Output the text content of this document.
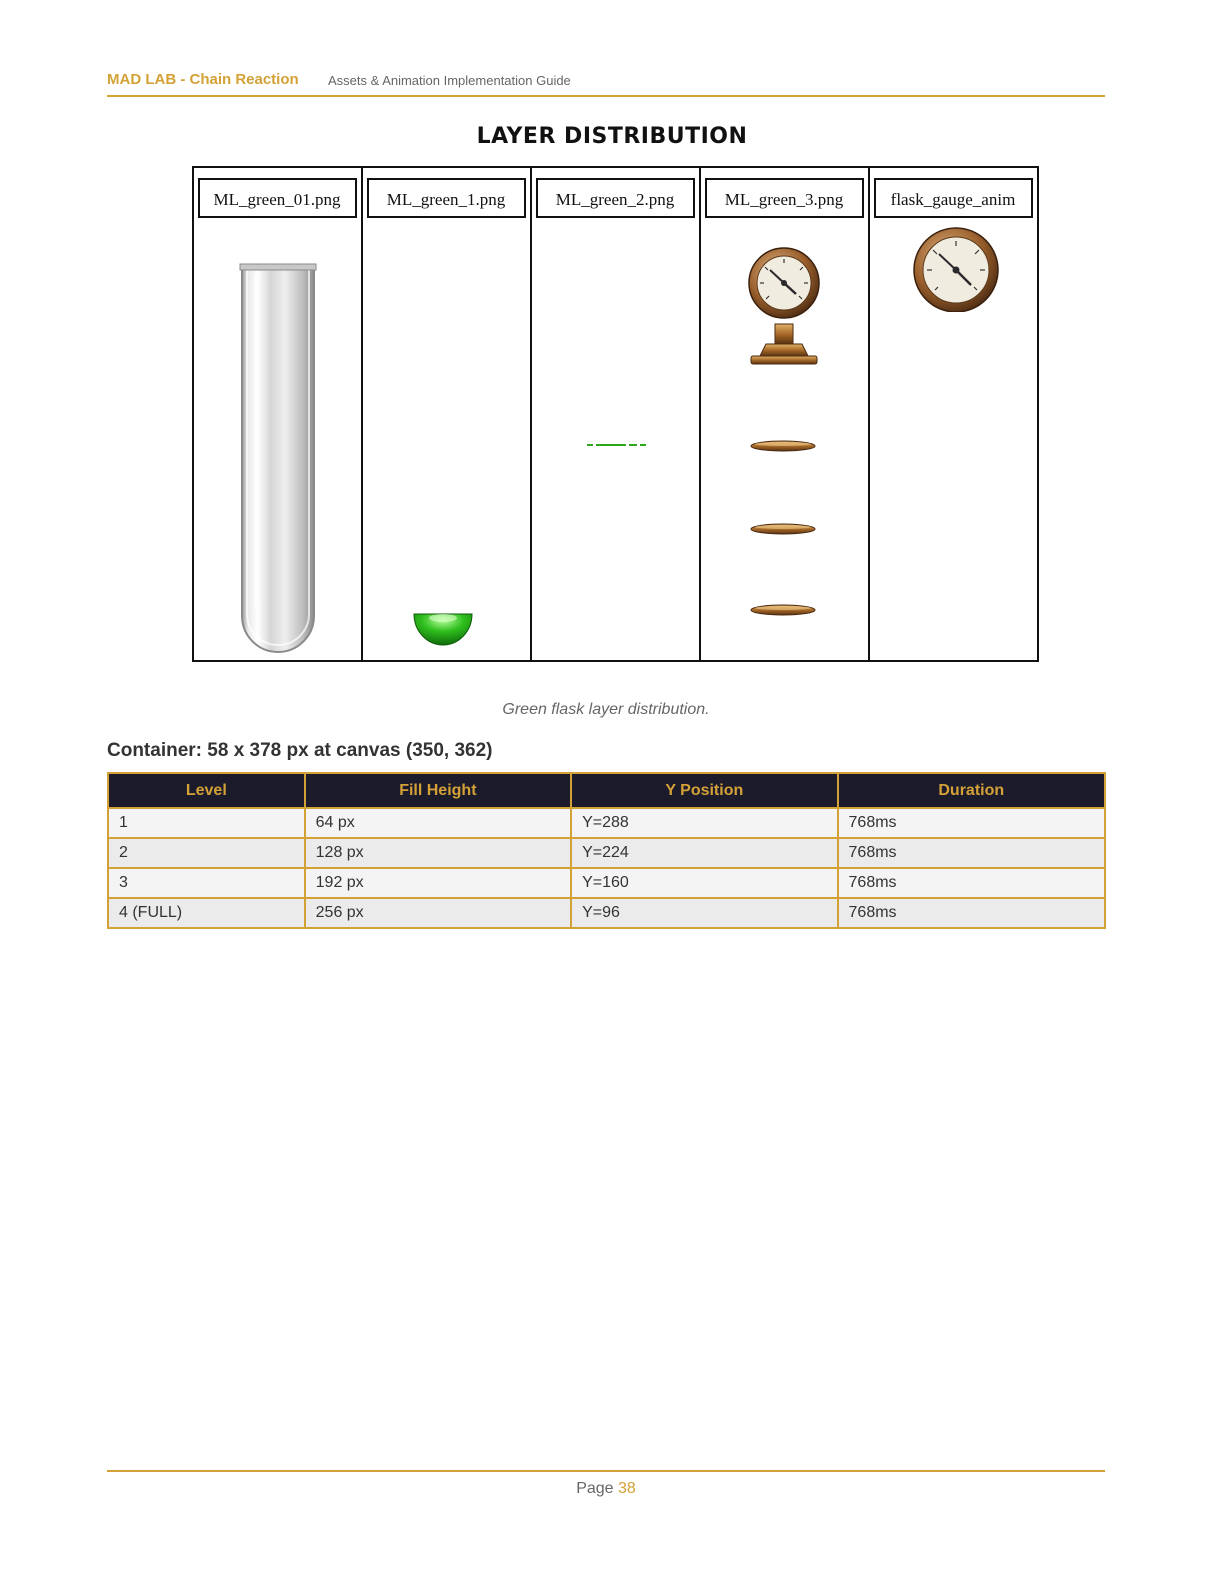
MAD LAB - Chain Reaction Assets & Animation Implementation Guide
LAYER DISTRIBUTION
ML_green_01.png	ML_green_1.png	ML_green_2.png	ML_green_3.png	flask_gauge_anim
Green flask layer distribution.
Container: 58 x 378 px at canvas (350, 362)
Level	Fill Height	Y Position	Duration
1	64 px	Y=288	768ms
2	128 px	Y=224	768ms
3	192 px	Y=160	768ms
4 (FULL)	256 px	Y=96	768ms
Page 38
